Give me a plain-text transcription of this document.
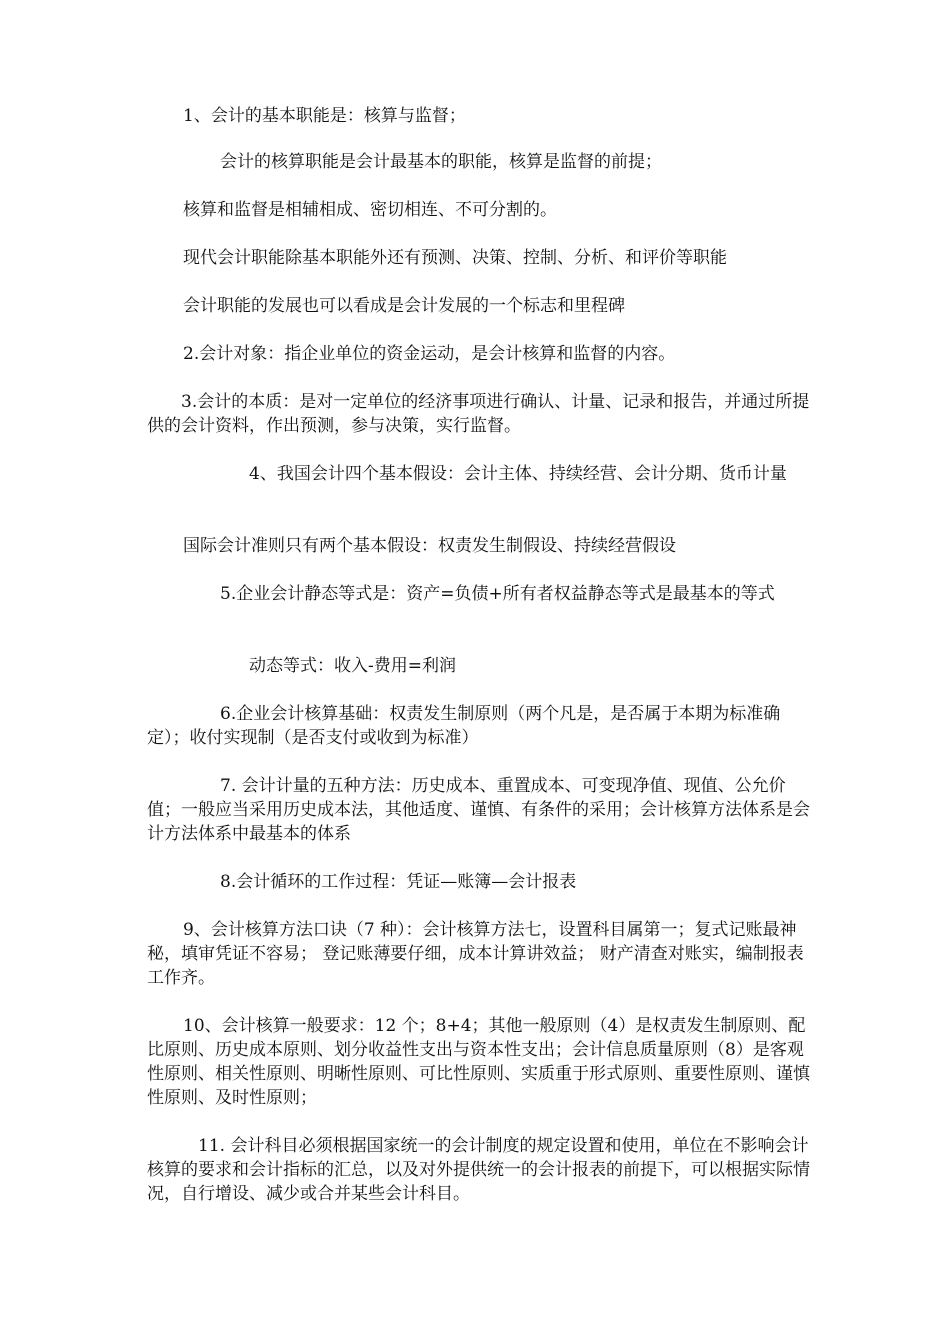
1、会计的基本职能是：核算与监督；

会计的核算职能是会计最基本的职能，核算是监督的前提；

核算和监督是相辅相成、密切相连、不可分割的。

现代会计职能除基本职能外还有预测、决策、控制、分析、和评价等职能

会计职能的发展也可以看成是会计发展的一个标志和里程碑

2.会计对象：指企业单位的资金运动，是会计核算和监督的内容。

3.会计的本质：是对一定单位的经济事项进行确认、计量、记录和报告，并通过所提供的会计资料，作出预测，参与决策，实行监督。

4、我国会计四个基本假设：会计主体、持续经营、会计分期、货币计量

国际会计准则只有两个基本假设：权责发生制假设、持续经营假设

5.企业会计静态等式是：资产=负债+所有者权益静态等式是最基本的等式

动态等式：收入-费用=利润

6.企业会计核算基础：权责发生制原则（两个凡是，是否属于本期为标准确定）；收付实现制（是否支付或收到为标准）

7. 会计计量的五种方法：历史成本、重置成本、可变现净值、现值、公允价值；一般应当采用历史成本法，其他适度、谨慎、有条件的采用；会计核算方法体系是会计方法体系中最基本的体系

8.会计循环的工作过程：凭证—账簿—会计报表

9、会计核算方法口诀（7 种）：会计核算方法七，设置科目属第一；复式记账最神秘，填审凭证不容易； 登记账薄要仔细，成本计算讲效益； 财产清查对账实，编制报表工作齐。

10、会计核算一般要求：12 个；8+4；其他一般原则（4）是权责发生制原则、配比原则、历史成本原则、划分收益性支出与资本性支出；会计信息质量原则（8）是客观性原则、相关性原则、明晰性原则、可比性原则、实质重于形式原则、重要性原则、谨慎性原则、及时性原则；

11. 会计科目必须根据国家统一的会计制度的规定设置和使用，单位在不影响会计核算的要求和会计指标的汇总，以及对外提供统一的会计报表的前提下，可以根据实际情况，自行增设、减少或合并某些会计科目。
